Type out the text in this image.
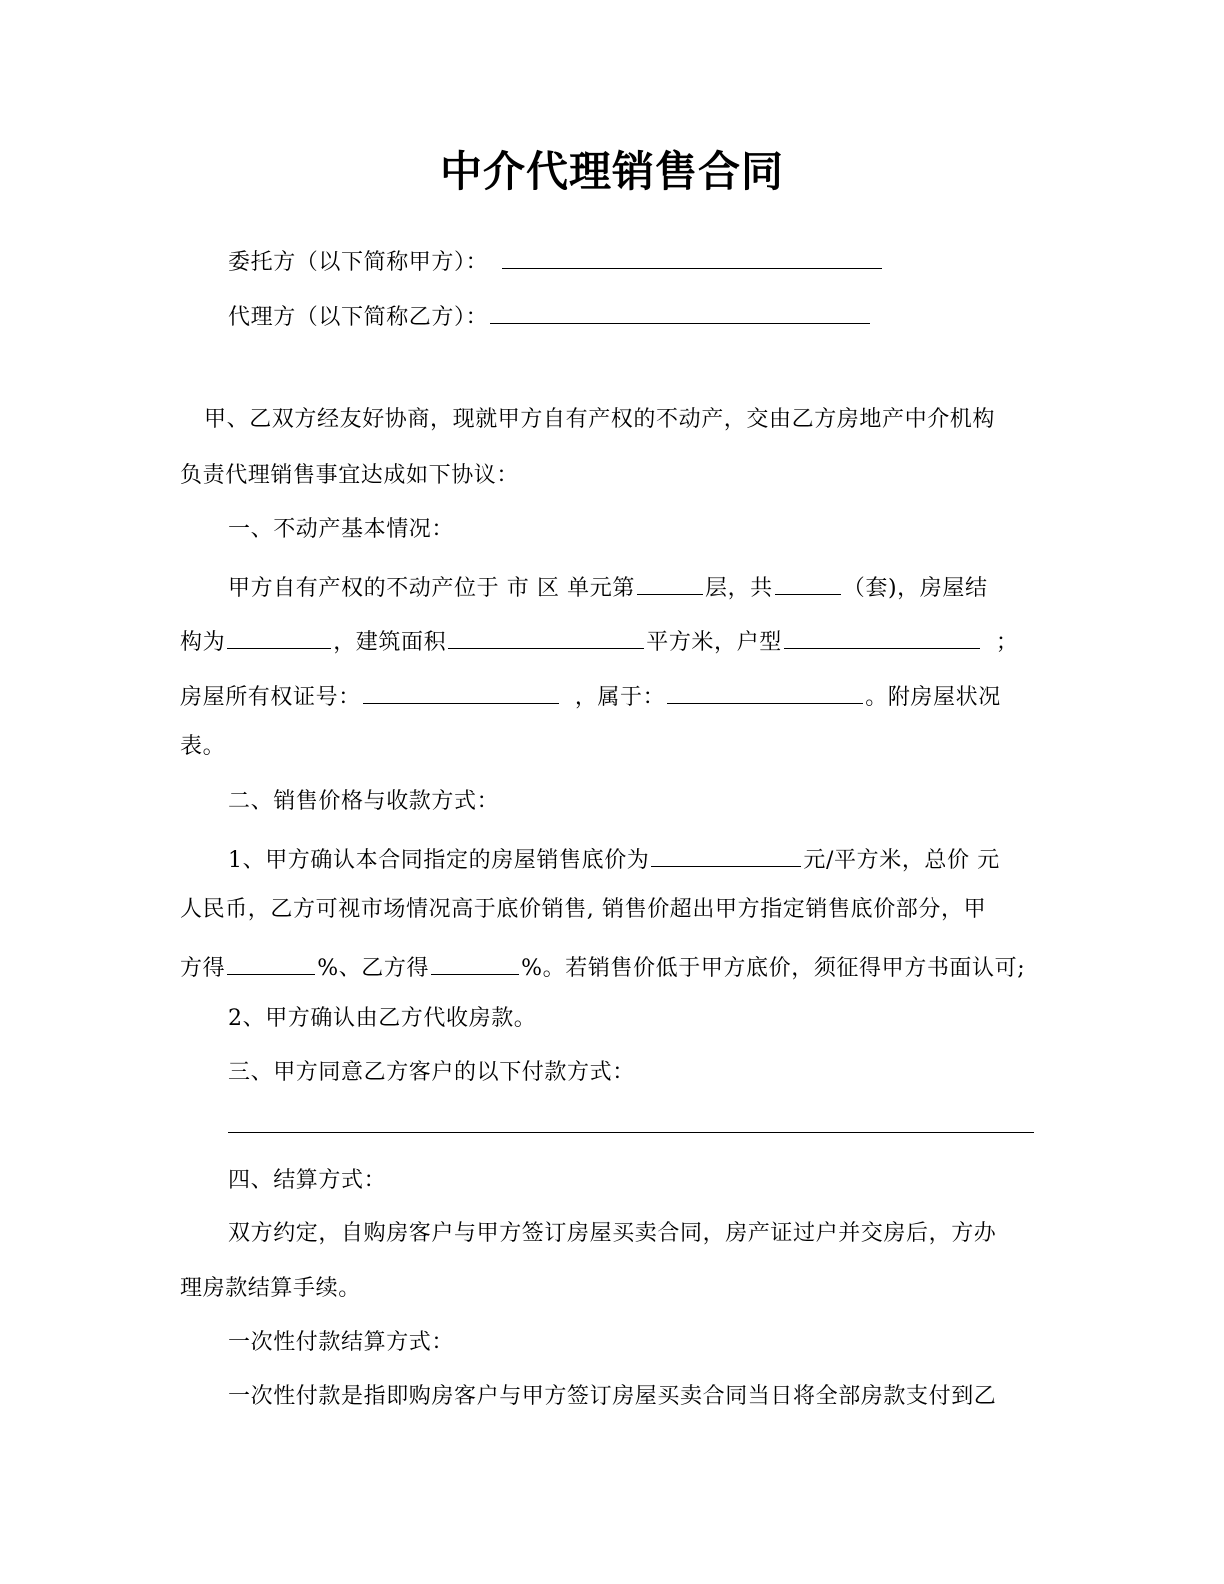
中介代理销售合同
委托方（以下简称甲方）：
代理方（以下简称乙方）：
甲、乙双方经友好协商，现就甲方自有产权的不动产，交由乙方房地产中介机构
负责代理销售事宜达成如下协议：
一、不动产基本情况：
甲方自有产权的不动产位于 市 区 单元第	层，共	（套)，房屋结
构为	，建筑面积	平方米，户型	；
房屋所有权证号：	，属于：	。附房屋状况
表。
二、销售价格与收款方式：
1、甲方确认本合同指定的房屋销售底价为	元/平方米，总价 元
人民币，乙方可视市场情况高于底价销售, 销售价超出甲方指定销售底价部分，甲
方得	%、乙方得	%。若销售价低于甲方底价，须征得甲方书面认可;
2、甲方确认由乙方代收房款。
三、甲方同意乙方客户的以下付款方式：
四、结算方式：
双方约定，自购房客户与甲方签订房屋买卖合同，房产证过户并交房后，方办
理房款结算手续。
一次性付款结算方式：
一次性付款是指即购房客户与甲方签订房屋买卖合同当日将全部房款支付到乙
